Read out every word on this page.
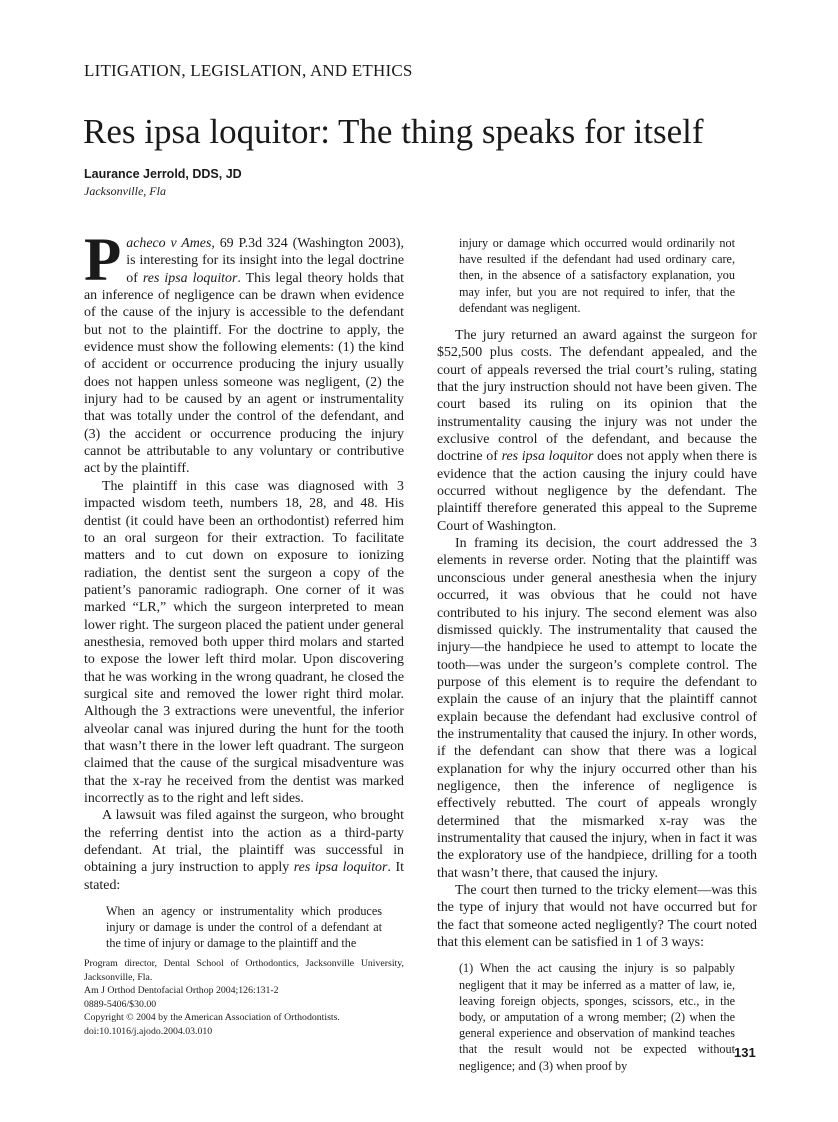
LITIGATION, LEGISLATION, AND ETHICS
Res ipsa loquitor: The thing speaks for itself
Laurance Jerrold, DDS, JD
Jacksonville, Fla

Pacheco v Ames, 69 P.3d 324 (Washington 2003), is interesting for its insight into the legal doctrine of res ipsa loquitor. This legal theory holds that an inference of negligence can be drawn when evidence of the cause of the injury is accessible to the defendant but not to the plaintiff. For the doctrine to apply, the evidence must show the following elements: (1) the kind of accident or occurrence producing the injury usually does not happen unless someone was negligent, (2) the injury had to be caused by an agent or instrumentality that was totally under the control of the defendant, and (3) the accident or occurrence producing the injury cannot be attributable to any voluntary or contributive act by the plaintiff.

The plaintiff in this case was diagnosed with 3 impacted wisdom teeth, numbers 18, 28, and 48. His dentist (it could have been an orthodontist) referred him to an oral surgeon for their extraction. To facilitate matters and to cut down on exposure to ionizing radiation, the dentist sent the surgeon a copy of the patient’s panoramic radiograph. One corner of it was marked “LR,” which the surgeon interpreted to mean lower right. The surgeon placed the patient under general anesthesia, removed both upper third molars and started to expose the lower left third molar. Upon discovering that he was working in the wrong quadrant, he closed the surgical site and removed the lower right third molar. Although the 3 extractions were uneventful, the inferior alveolar canal was injured during the hunt for the tooth that wasn’t there in the lower left quadrant. The surgeon claimed that the cause of the surgical misadventure was that the x-ray he received from the dentist was marked incorrectly as to the right and left sides.

A lawsuit was filed against the surgeon, who brought the referring dentist into the action as a third-party defendant. At trial, the plaintiff was successful in obtaining a jury instruction to apply res ipsa loquitor. It stated:

When an agency or instrumentality which produces injury or damage is under the control of a defendant at the time of injury or damage to the plaintiff and the
Program director, Dental School of Orthodontics, Jacksonville University, Jacksonville, Fla.
Am J Orthod Dentofacial Orthop 2004;126:131-2
0889-5406/$30.00
Copyright © 2004 by the American Association of Orthodontists.
doi:10.1016/j.ajodo.2004.03.010
injury or damage which occurred would ordinarily not have resulted if the defendant had used ordinary care, then, in the absence of a satisfactory explanation, you may infer, but you are not required to infer, that the defendant was negligent.

The jury returned an award against the surgeon for $52,500 plus costs. The defendant appealed, and the court of appeals reversed the trial court’s ruling, stating that the jury instruction should not have been given. The court based its ruling on its opinion that the instrumentality causing the injury was not under the exclusive control of the defendant, and because the doctrine of res ipsa loquitor does not apply when there is evidence that the action causing the injury could have occurred without negligence by the defendant. The plaintiff therefore generated this appeal to the Supreme Court of Washington.

In framing its decision, the court addressed the 3 elements in reverse order. Noting that the plaintiff was unconscious under general anesthesia when the injury occurred, it was obvious that he could not have contributed to his injury. The second element was also dismissed quickly. The instrumentality that caused the injury—the handpiece he used to attempt to locate the tooth—was under the surgeon’s complete control. The purpose of this element is to require the defendant to explain the cause of an injury that the plaintiff cannot explain because the defendant had exclusive control of the instrumentality that caused the injury. In other words, if the defendant can show that there was a logical explanation for why the injury occurred other than his negligence, then the inference of negligence is effectively rebutted. The court of appeals wrongly determined that the mismarked x-ray was the instrumentality that caused the injury, when in fact it was the exploratory use of the handpiece, drilling for a tooth that wasn’t there, that caused the injury.

The court then turned to the tricky element—was this the type of injury that would not have occurred but for the fact that someone acted negligently? The court noted that this element can be satisfied in 1 of 3 ways:

(1) When the act causing the injury is so palpably negligent that it may be inferred as a matter of law, ie, leaving foreign objects, sponges, scissors, etc., in the body, or amputation of a wrong member; (2) when the general experience and observation of mankind teaches that the result would not be expected without negligence; and (3) when proof by
131
